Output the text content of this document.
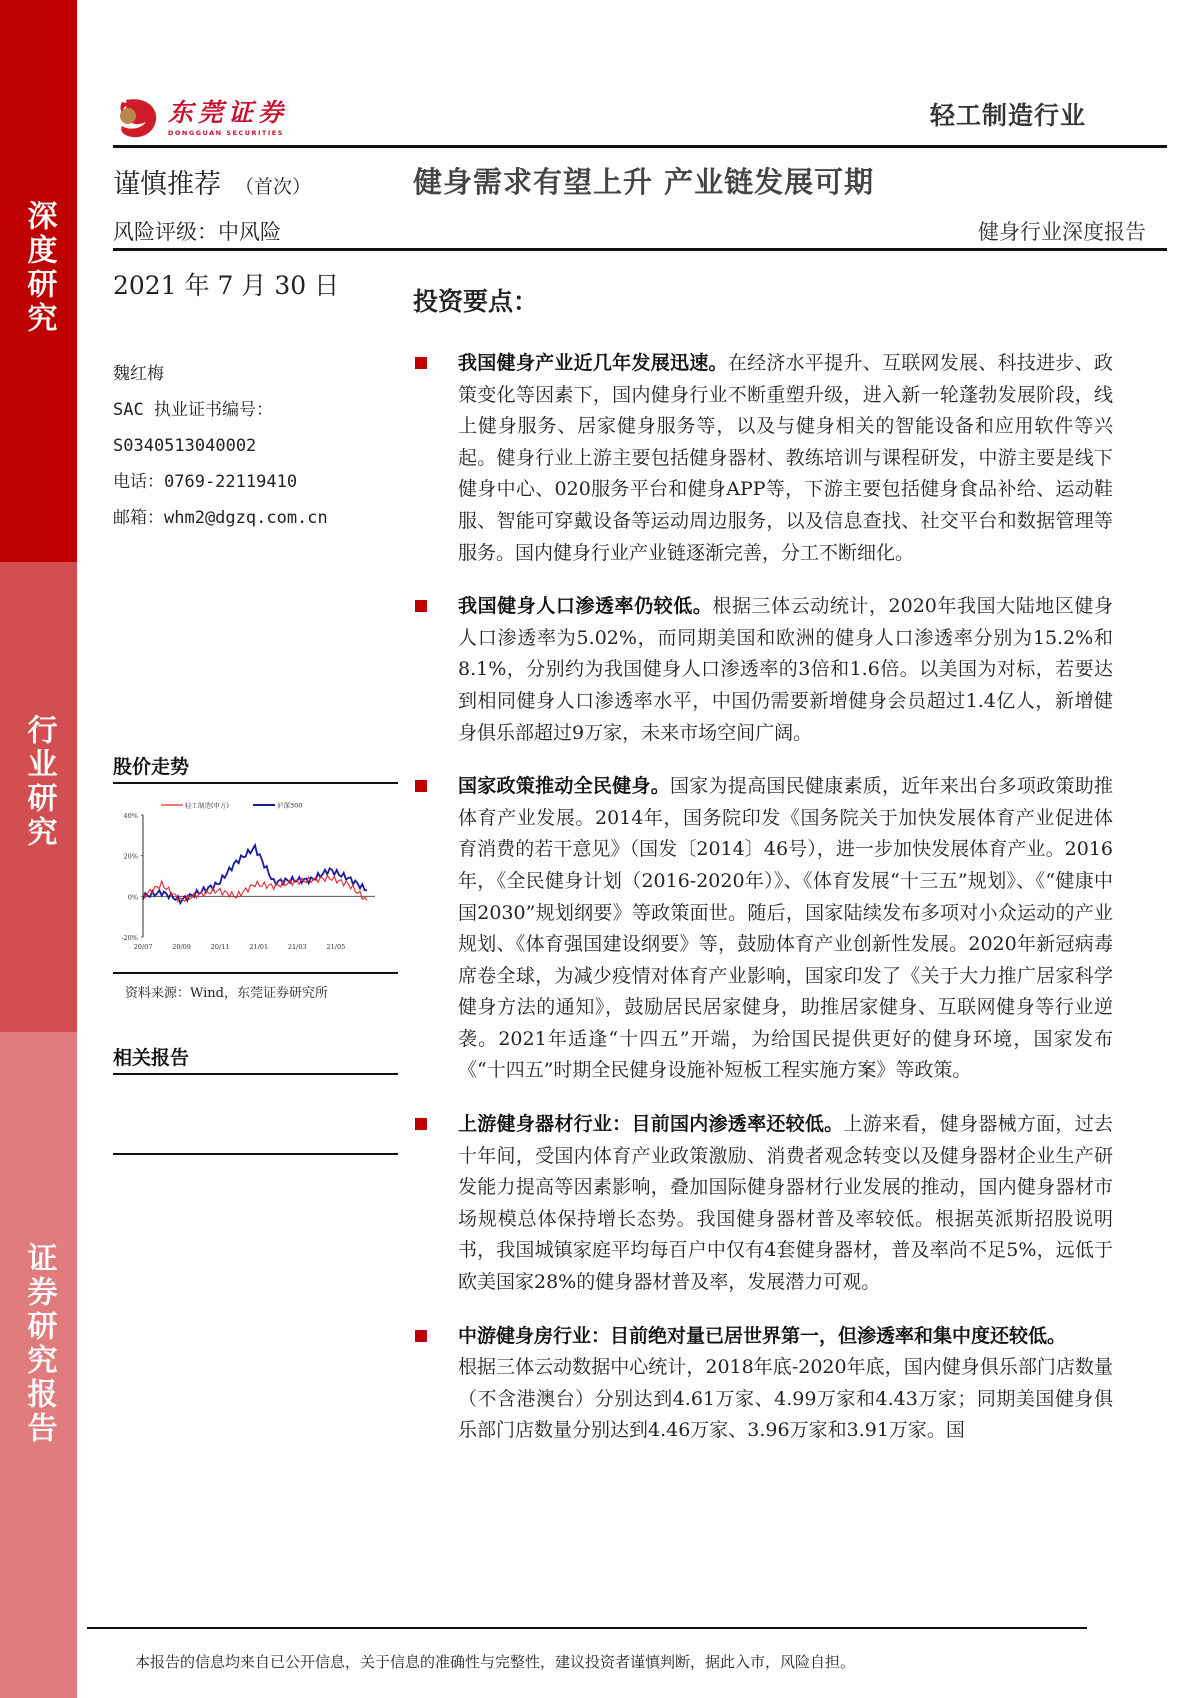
深度研究
行业研究
证券研究报告
东莞证券
DONGGUAN SECURITIES
轻工制造行业
谨慎推荐 （首次）	健身需求有望上升 产业链发展可期
风险评级：中风险	健身行业深度报告
2021 年 7 月 30 日
投资要点：
魏红梅
SAC 执业证书编号：
S0340513040002
电话：0769-22119410
邮箱：whm2@dgzq.com.cn
股价走势
轻工制造(申万)	沪深300
-20%
0%
20%
40%
20/07	20/09	20/11	21/01	21/03	21/05
资料来源：Wind，东莞证券研究所
相关报告

我国健身产业近几年发展迅速。在经济水平提升、互联网发展、科技进步、政策变化等因素下，国内健身行业不断重塑升级，进入新一轮蓬勃发展阶段，线上健身服务、居家健身服务等，以及与健身相关的智能设备和应用软件等兴起。健身行业上游主要包括健身器材、教练培训与课程研发，中游主要是线下健身中心、020服务平台和健身APP等，下游主要包括健身食品补给、运动鞋服、智能可穿戴设备等运动周边服务，以及信息查找、社交平台和数据管理等服务。国内健身行业产业链逐渐完善，分工不断细化。

我国健身人口渗透率仍较低。根据三体云动统计，2020年我国大陆地区健身人口渗透率为5.02%，而同期美国和欧洲的健身人口渗透率分别为15.2%和8.1%，分别约为我国健身人口渗透率的3倍和1.6倍。以美国为对标，若要达到相同健身人口渗透率水平，中国仍需要新增健身会员超过1.4亿人，新增健身俱乐部超过9万家，未来市场空间广阔。

国家政策推动全民健身。国家为提高国民健康素质，近年来出台多项政策助推体育产业发展。2014年，国务院印发《国务院关于加快发展体育产业促进体育消费的若干意见》（国发〔2014〕46号），进一步加快发展体育产业。2016年，《全民健身计划（2016-2020年）》、《体育发展“十三五”规划》、《“健康中国2030”规划纲要》等政策面世。随后，国家陆续发布多项对小众运动的产业规划、《体育强国建设纲要》等，鼓励体育产业创新性发展。2020年新冠病毒席卷全球，为减少疫情对体育产业影响，国家印发了《关于大力推广居家科学健身方法的通知》，鼓励居民居家健身，助推居家健身、互联网健身等行业逆袭。2021年适逢“十四五”开端，为给国民提供更好的健身环境，国家发布《“十四五”时期全民健身设施补短板工程实施方案》等政策。

上游健身器材行业：目前国内渗透率还较低。上游来看，健身器械方面，过去十年间，受国内体育产业政策激励、消费者观念转变以及健身器材企业生产研发能力提高等因素影响，叠加国际健身器材行业发展的推动，国内健身器材市场规模总体保持增长态势。我国健身器材普及率较低。根据英派斯招股说明书，我国城镇家庭平均每百户中仅有4套健身器材，普及率尚不足5%，远低于欧美国家28%的健身器材普及率，发展潜力可观。

中游健身房行业：目前绝对量已居世界第一，但渗透率和集中度还较低。
根据三体云动数据中心统计，2018年底-2020年底，国内健身俱乐部门店数量（不含港澳台）分别达到4.61万家、4.99万家和4.43万家；同期美国健身俱乐部门店数量分别达到4.46万家、3.96万家和3.91万家。国

本报告的信息均来自已公开信息，关于信息的准确性与完整性，建议投资者谨慎判断，据此入市，风险自担。
